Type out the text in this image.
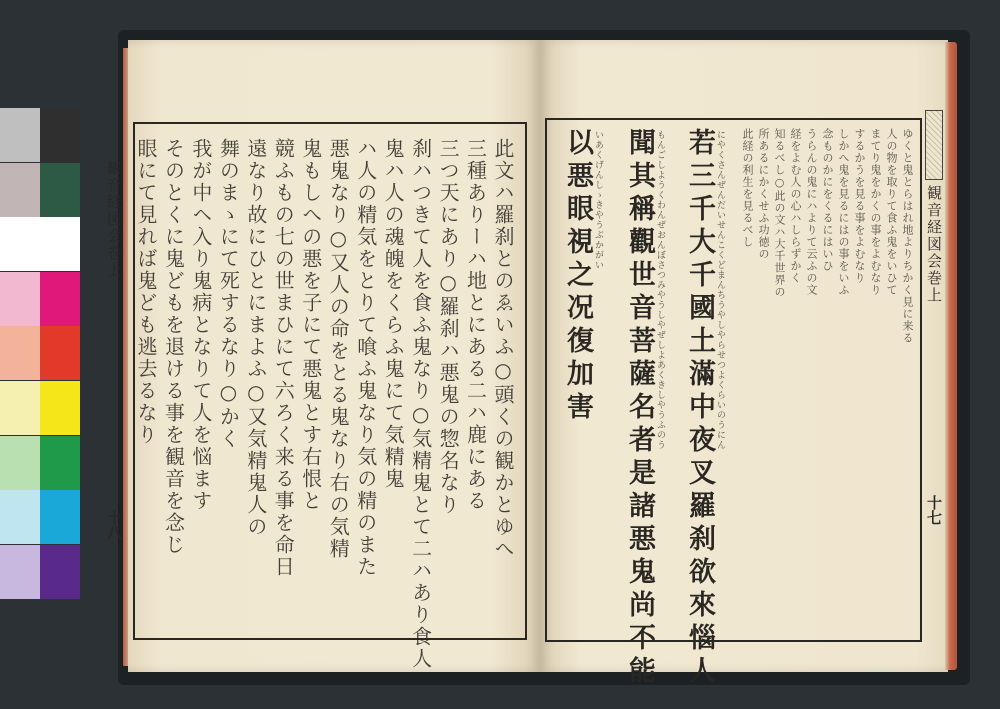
観音経図会巻上
十八	此文ハ羅刹とのゑいふ○頭くの観かとゆへ
三種ありーハ地とにある二ハ鹿にある
三つ天にあり○羅刹ハ悪鬼の惣名なり
刹ハつきて人を食ふ鬼なり○気精鬼とて二ハあり食人
鬼ハ人の魂魄をくらふ鬼にて気精鬼
ハ人の精気をとりて喰ふ鬼なり気の精のまた
悪鬼なり○又人の命をとる鬼なり右の気精
鬼もしへの悪を子にて悪鬼とす右恨と
競ふもの七の世まひにて六ろく来る事を命日
遠なり故にひとにまよふ○又気精鬼人の
舞のまゝにて死するなり○かく
我が中ヘ入り鬼病となりて人を悩ます
そのとくに鬼どもを退ける事を観音を念じ
眼にて見れば鬼ども逃去るなり	観音経図会巻上
十七
ゆくと鬼とらはれ地よりちかく見に来る
人の物を取りて食ふ鬼をいひて
まてり鬼をかくの事をよむなり
するかうを見る事をよむなり
しかへ鬼を見るにはの事をいふ
念ものかにをくるにはいひ
うらんの鬼にハよりて云ふの文
経をよむ人の心ハしらずかく
知るべし○此の文ハ大千世界の
所あるにかくせふ功徳の
此経の利生を見るべし
若三千大千國土滿中夜叉羅刹欲來惱人 にやくさんぜんだいせんこくどまんちうやしやらせつよくらいのうにん
聞其稱觀世音菩薩名者是諸悪鬼尚不能 もんごしようくわんぜおんぼさつみやうしやぜしよあくきしやうふのう
以悪眼視之况復加害 いあくげんしゝきやうぶかがい
